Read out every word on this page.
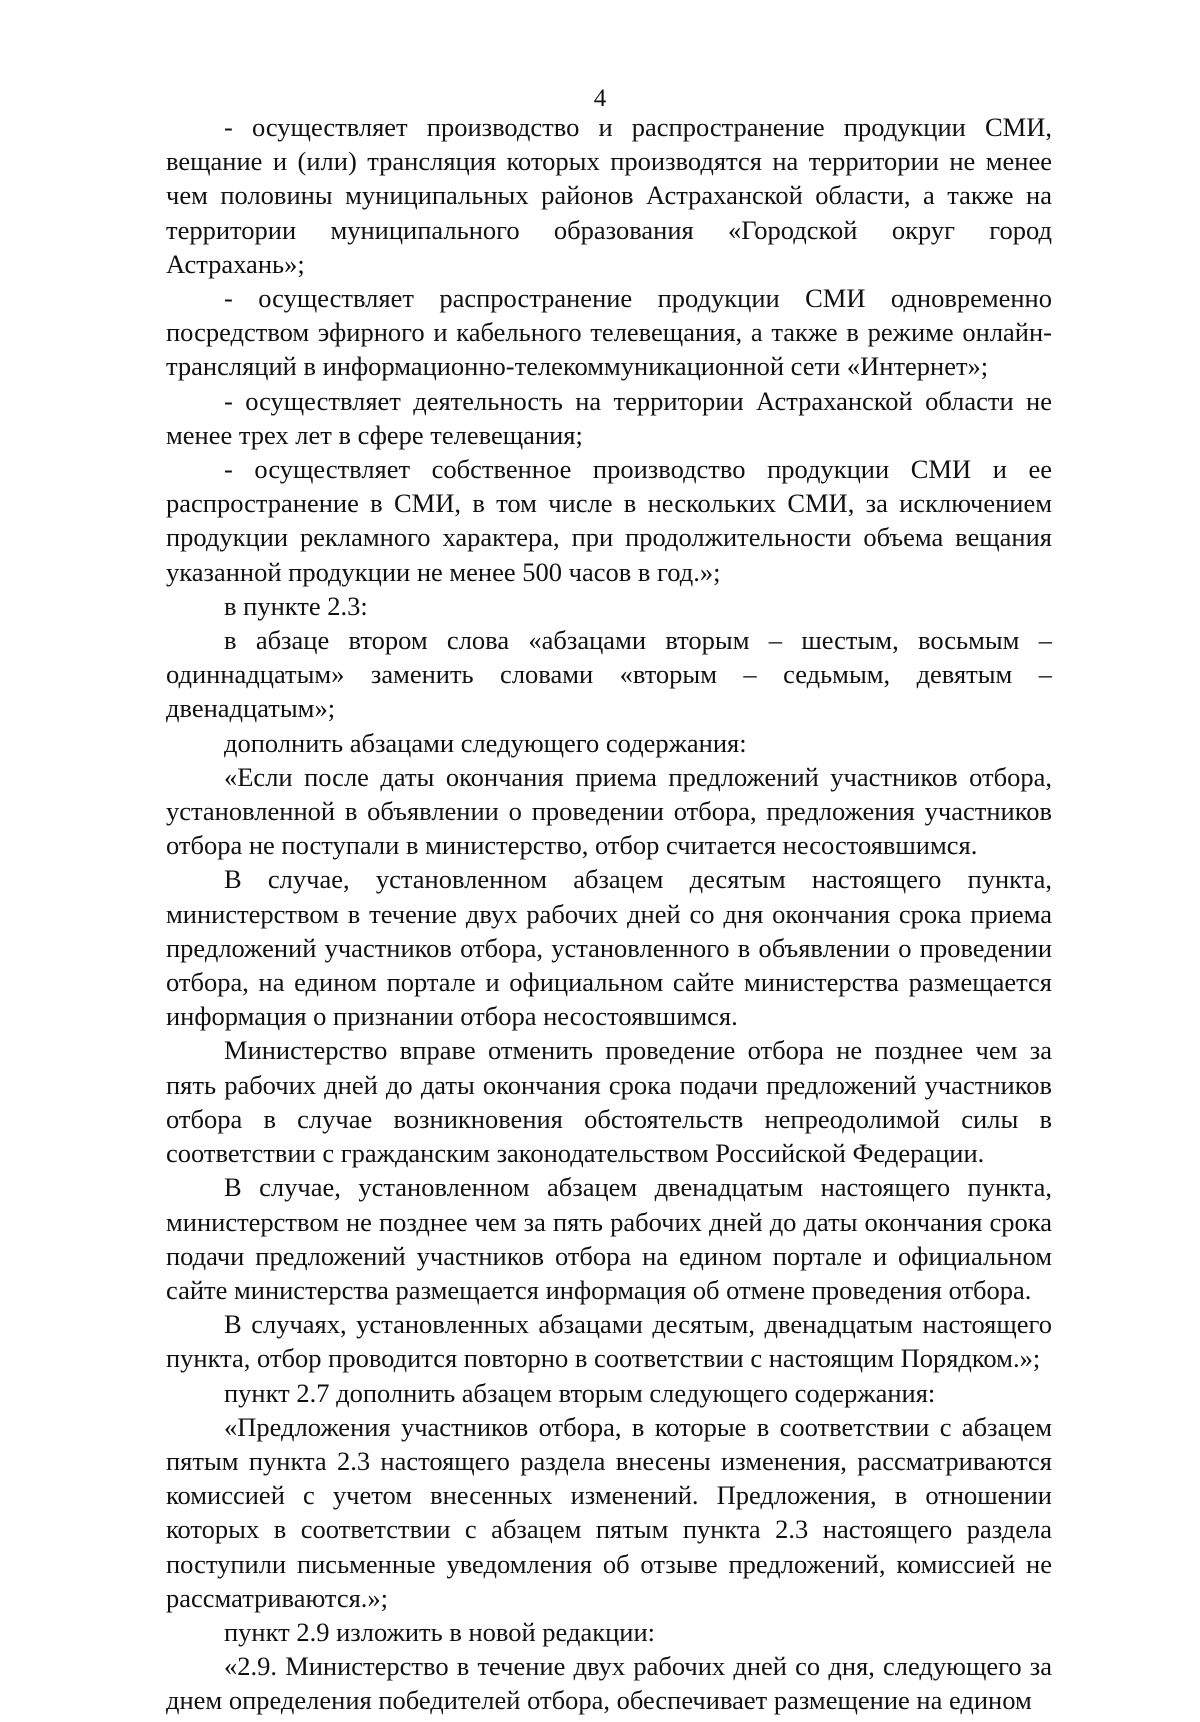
4

- осуществляет производство и распространение продукции СМИ, вещание и (или) трансляция которых производятся на территории не менее чем половины муниципальных районов Астраханской области, а также на территории муниципального образования «Городской округ город Астрахань»;

- осуществляет распространение продукции СМИ одновременно посредством эфирного и кабельного телевещания, а также в режиме онлайн-трансляций в информационно-телекоммуникационной сети «Интернет»;

- осуществляет деятельность на территории Астраханской области не менее трех лет в сфере телевещания;

- осуществляет собственное производство продукции СМИ и ее распространение в СМИ, в том числе в нескольких СМИ, за исключением продукции рекламного характера, при продолжительности объема вещания указанной продукции не менее 500 часов в год.»;

в пункте 2.3:

в абзаце втором слова «абзацами вторым – шестым, восьмым – одиннадцатым» заменить словами «вторым – седьмым, девятым – двенадцатым»;

дополнить абзацами следующего содержания:

«Если после даты окончания приема предложений участников отбора, установленной в объявлении о проведении отбора, предложения участников отбора не поступали в министерство, отбор считается несостоявшимся.

В случае, установленном абзацем десятым настоящего пункта, министерством в течение двух рабочих дней со дня окончания срока приема предложений участников отбора, установленного в объявлении о проведении отбора, на едином портале и официальном сайте министерства размещается информация о признании отбора несостоявшимся.

Министерство вправе отменить проведение отбора не позднее чем за пять рабочих дней до даты окончания срока подачи предложений участников отбора в случае возникновения обстоятельств непреодолимой силы в соответствии с гражданским законодательством Российской Федерации.

В случае, установленном абзацем двенадцатым настоящего пункта, министерством не позднее чем за пять рабочих дней до даты окончания срока подачи предложений участников отбора на едином портале и официальном сайте министерства размещается информация об отмене проведения отбора.

В случаях, установленных абзацами десятым, двенадцатым настоящего пункта, отбор проводится повторно в соответствии с настоящим Порядком.»;

пункт 2.7 дополнить абзацем вторым следующего содержания:

«Предложения участников отбора, в которые в соответствии с абзацем пятым пункта 2.3 настоящего раздела внесены изменения, рассматриваются комиссией с учетом внесенных изменений. Предложения, в отношении которых в соответствии с абзацем пятым пункта 2.3 настоящего раздела поступили письменные уведомления об отзыве предложений, комиссией не рассматриваются.»;

пункт 2.9 изложить в новой редакции:

«2.9. Министерство в течение двух рабочих дней со дня, следующего за днем определения победителей отбора, обеспечивает размещение на едином
